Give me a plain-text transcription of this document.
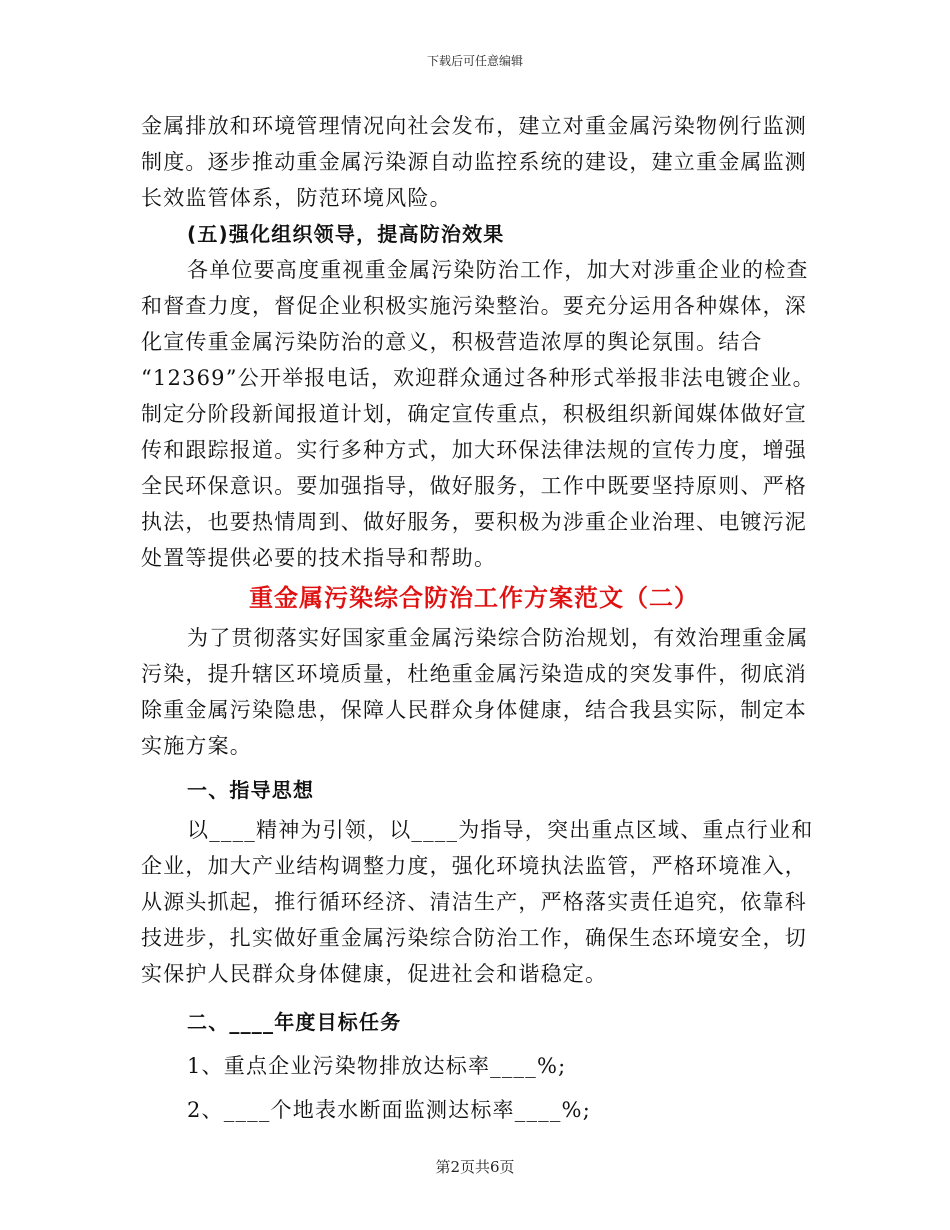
下载后可任意编辑
金属排放和环境管理情况向社会发布，建立对重金属污染物例行监测
制度。逐步推动重金属污染源自动监控系统的建设，建立重金属监测
长效监管体系，防范环境风险。
(五)强化组织领导，提高防治效果
各单位要高度重视重金属污染防治工作，加大对涉重企业的检查
和督查力度，督促企业积极实施污染整治。要充分运用各种媒体，深
化宣传重金属污染防治的意义，积极营造浓厚的舆论氛围。结合
“12369”公开举报电话，欢迎群众通过各种形式举报非法电镀企业。
制定分阶段新闻报道计划，确定宣传重点，积极组织新闻媒体做好宣
传和跟踪报道。实行多种方式，加大环保法律法规的宣传力度，增强
全民环保意识。要加强指导，做好服务，工作中既要坚持原则、严格
执法，也要热情周到、做好服务，要积极为涉重企业治理、电镀污泥
处置等提供必要的技术指导和帮助。
重金属污染综合防治工作方案范文（二）
为了贯彻落实好国家重金属污染综合防治规划，有效治理重金属
污染，提升辖区环境质量，杜绝重金属污染造成的突发事件，彻底消
除重金属污染隐患，保障人民群众身体健康，结合我县实际，制定本
实施方案。
一、指导思想
以____精神为引领，以____为指导，突出重点区域、重点行业和
企业，加大产业结构调整力度，强化环境执法监管，严格环境准入，
从源头抓起，推行循环经济、清洁生产，严格落实责任追究，依靠科
技进步，扎实做好重金属污染综合防治工作，确保生态环境安全，切
实保护人民群众身体健康，促进社会和谐稳定。
二、____年度目标任务
1、重点企业污染物排放达标率____%;
2、____个地表水断面监测达标率____%;
第2页共6页
